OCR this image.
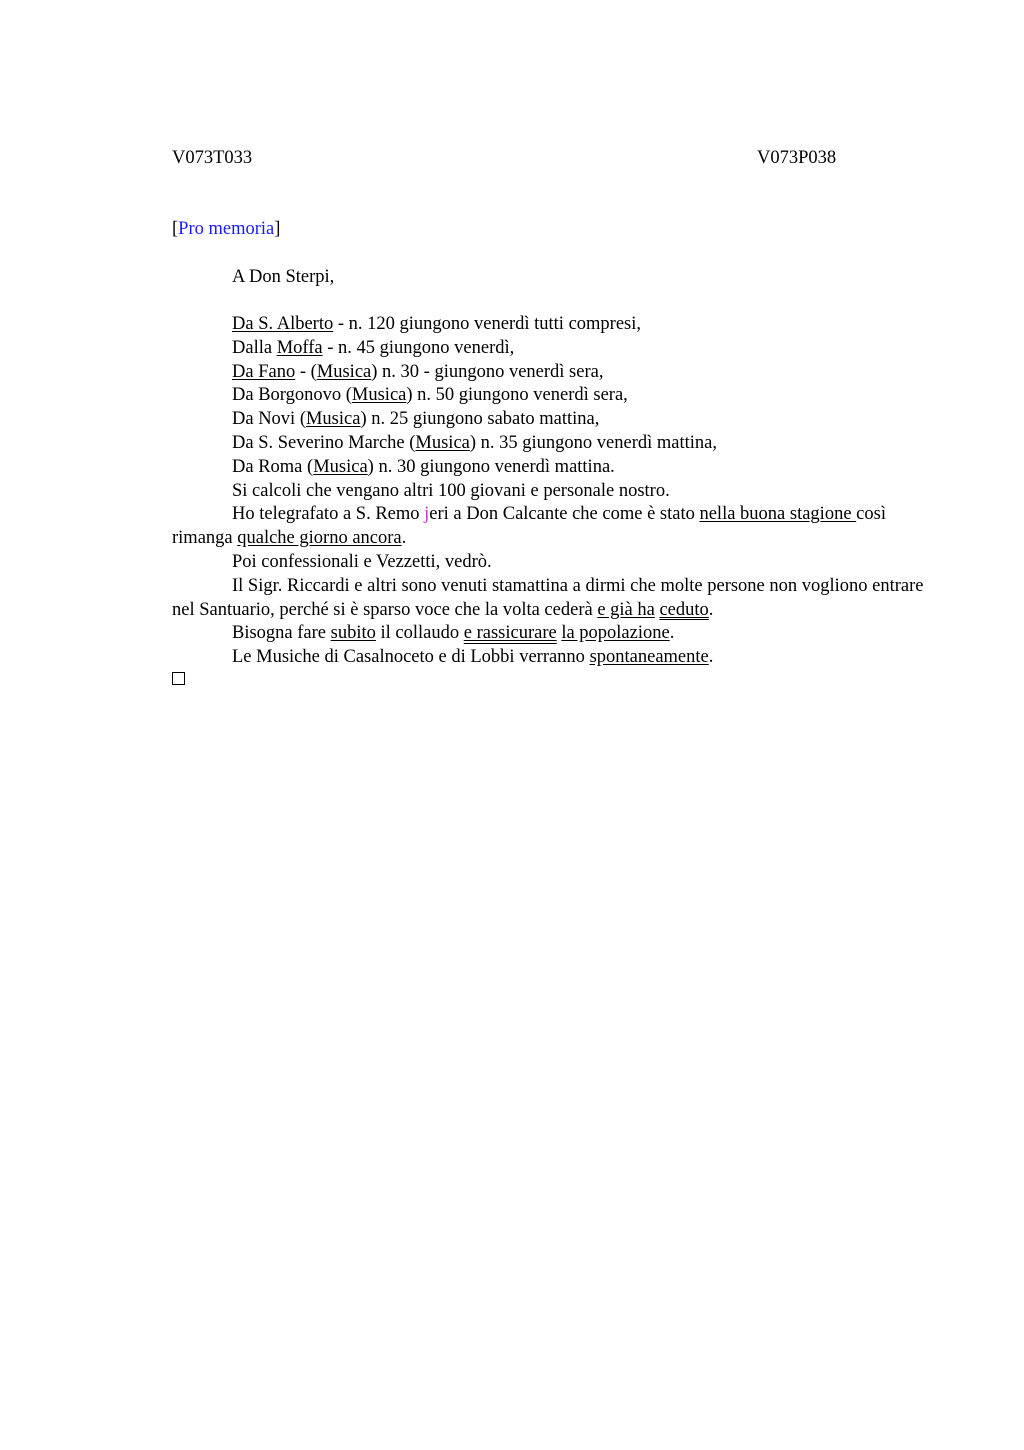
V073T033	V073P038
[Pro memoria]
A Don Sterpi,

Da S. Alberto - n. 120 giungono venerdì tutti compresi,

Dalla Moffa - n. 45 giungono venerdì,

Da Fano - (Musica) n. 30 - giungono venerdì sera,

Da Borgonovo (Musica) n. 50 giungono venerdì sera,

Da Novi (Musica) n. 25 giungono sabato mattina,

Da S. Severino Marche (Musica) n. 35 giungono venerdì mattina,

Da Roma (Musica) n. 30 giungono venerdì mattina.

Si calcoli che vengano altri 100 giovani e personale nostro.

Ho telegrafato a S. Remo jeri a Don Calcante che come è stato nella buona stagione così rimanga qualche giorno ancora.

Poi confessionali e Vezzetti, vedrò.

Il Sigr. Riccardi e altri sono venuti stamattina a dirmi che molte persone non vogliono entrare nel Santuario, perché si è sparso voce che la volta cederà e già ha ceduto.

Bisogna fare subito il collaudo e rassicurare la popolazione.

Le Musiche di Casalnoceto e di Lobbi verranno spontaneamente.
